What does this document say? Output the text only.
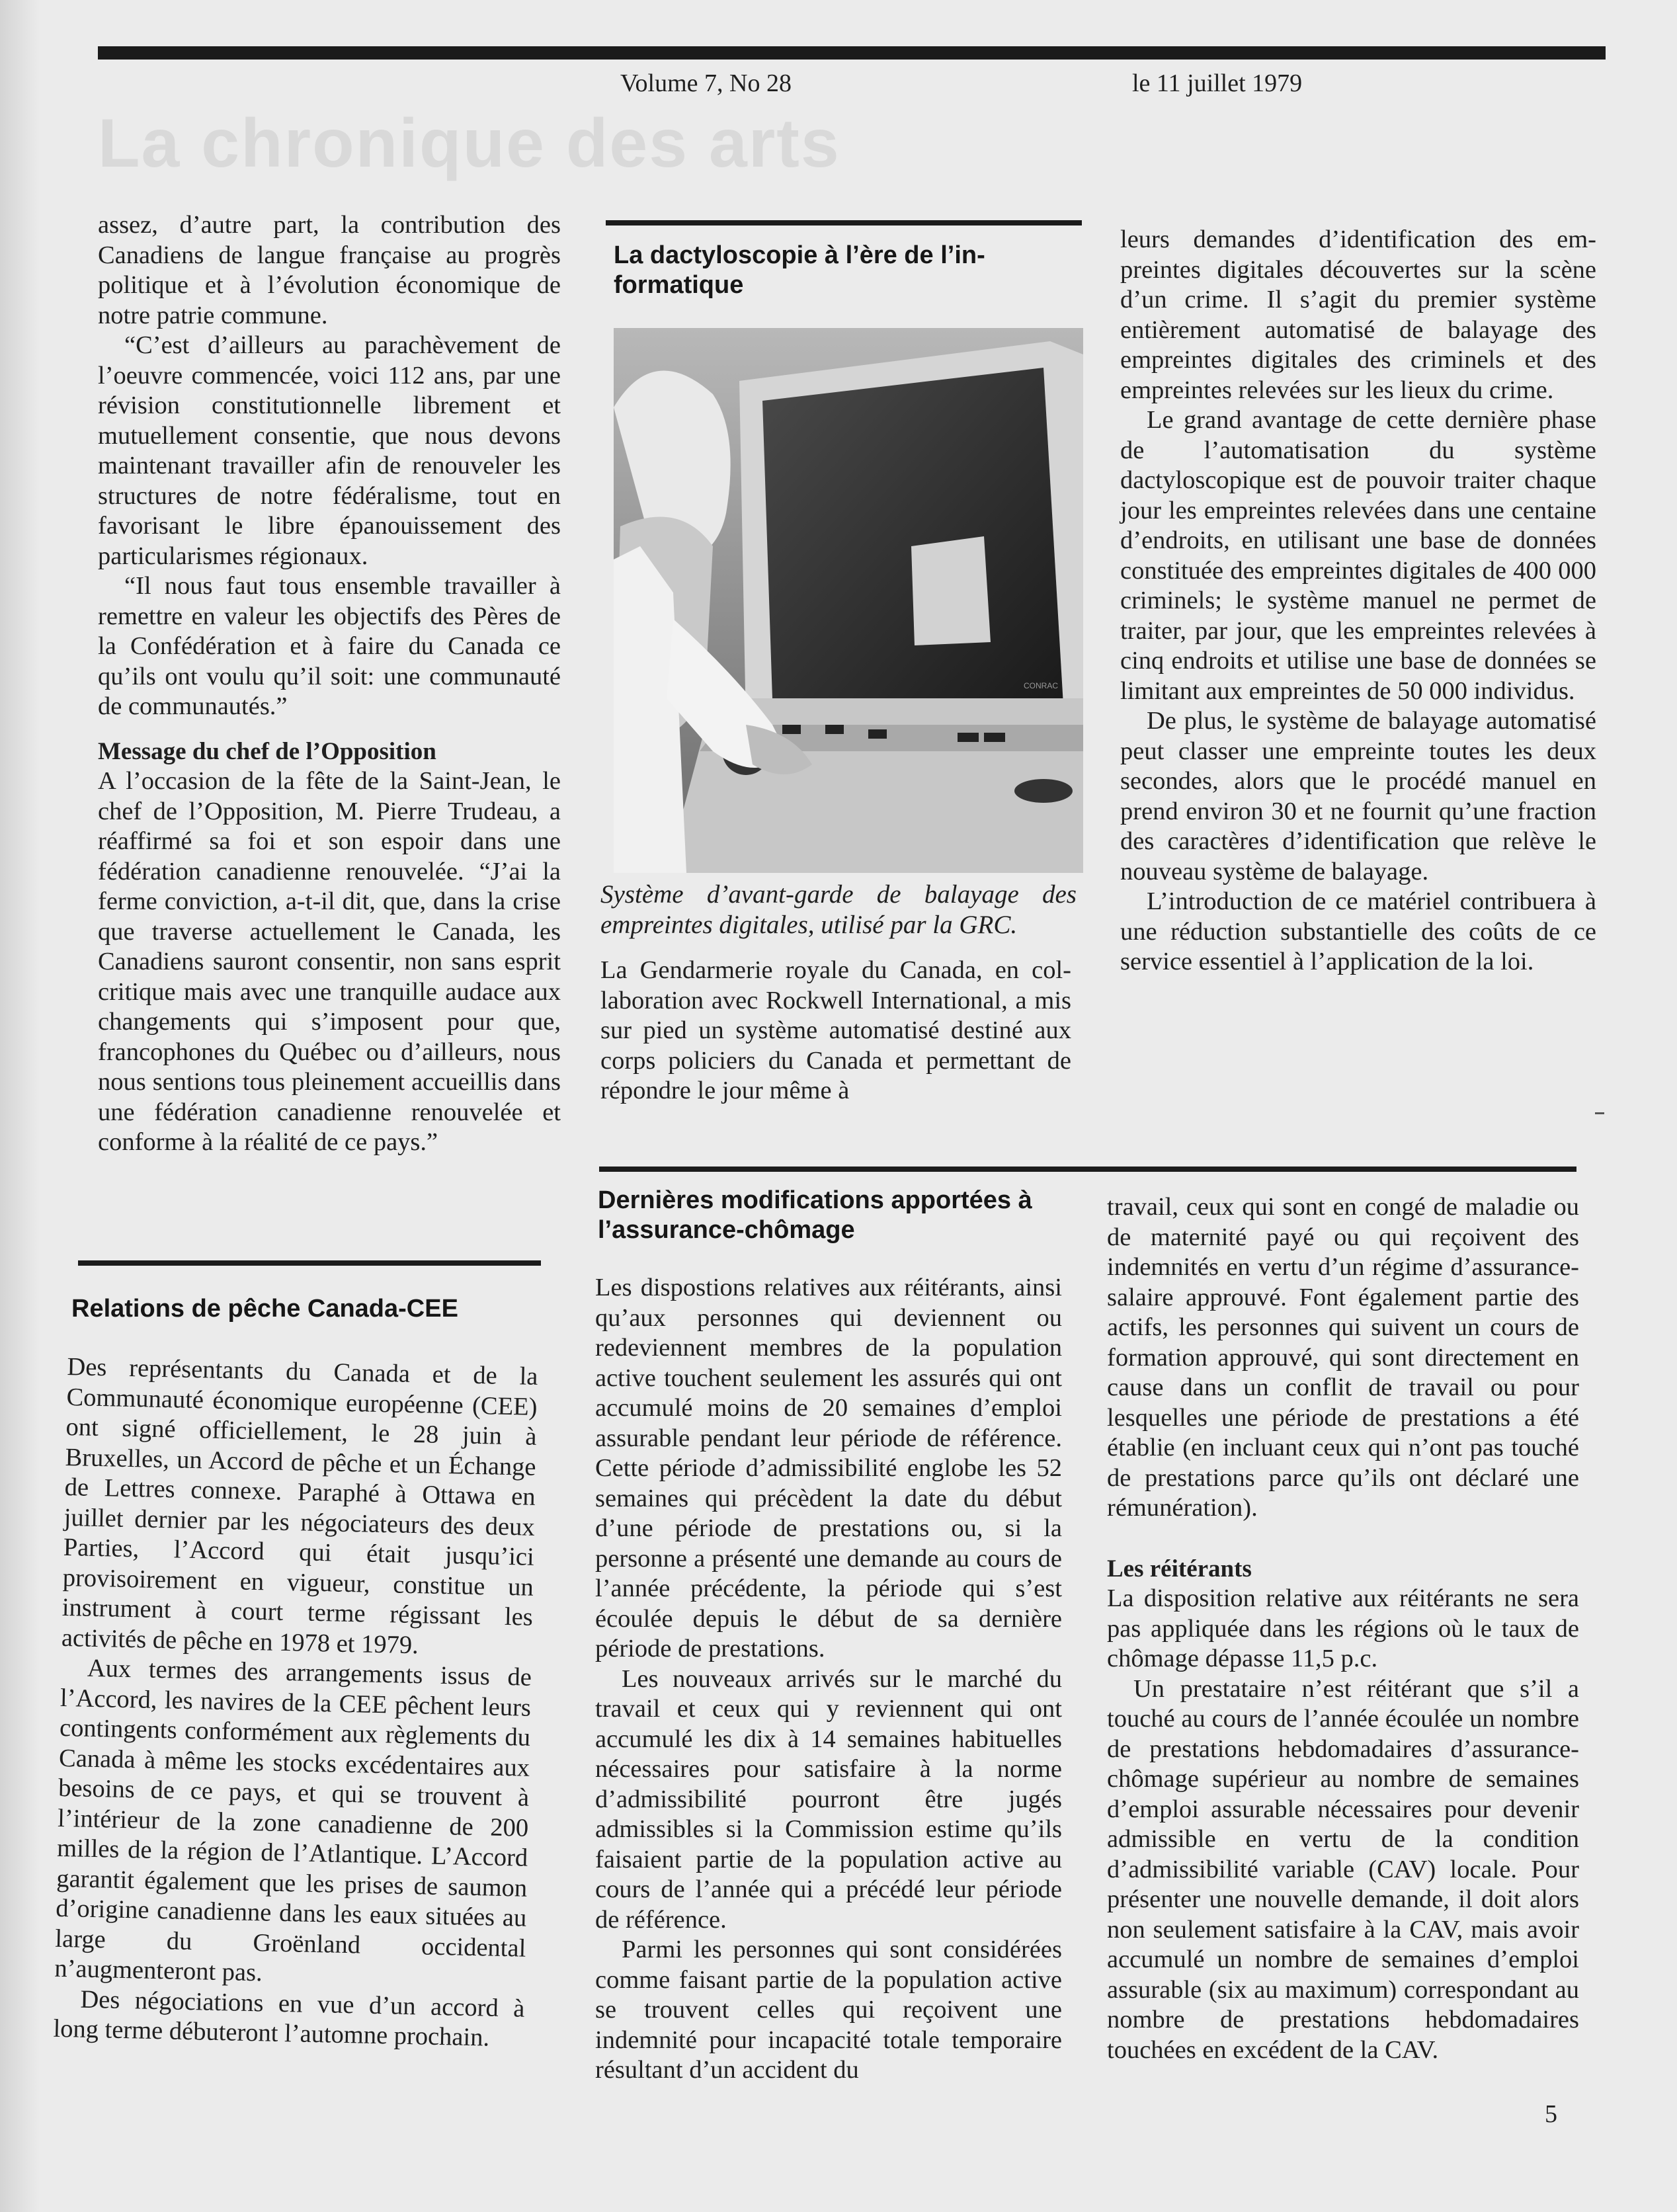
Volume 7, No 28	le 11 juillet 1979
La chronique des arts

assez, d’autre part, la contribution des Canadiens de langue française au progrès politique et à l’évolution économique de notre patrie commune.

“C’est d’ailleurs au parachèvement de l’oeuvre commencée, voici 112 ans, par une révision constitutionnelle librement et mutuellement consentie, que nous devons maintenant travailler afin de renouveler les structures de notre fédéralisme, tout en favorisant le libre épanouissement des particularismes régionaux.

“Il nous faut tous ensemble travailler à remettre en valeur les objectifs des Pères de la Confédération et à faire du Canada ce qu’ils ont voulu qu’il soit: une communauté de communautés.”

Message du chef de l’Opposition

A l’occasion de la fête de la Saint-Jean, le chef de l’Opposition, M. Pierre Trudeau, a réaffirmé sa foi et son espoir dans une fédération canadienne renouvelée. “J’ai la ferme conviction, a-t-il dit, que, dans la crise que traverse actuellement le Canada, les Canadiens sauront consentir, non sans esprit critique mais avec une tranquille audace aux changements qui s’imposent pour que, francophones du Québec ou d’ailleurs, nous nous sentions tous pleinement accueillis dans une fédération canadienne renouvelée et conforme à la réalité de ce pays.”

Relations de pêche Canada-CEE

Des représentants du Canada et de la Communauté économique européenne (CEE) ont signé officiellement, le 28 juin à Bruxelles, un Accord de pêche et un Échange de Lettres connexe. Paraphé à Ottawa en juillet dernier par les négociateurs des deux Parties, l’Accord qui était jusqu’ici provisoirement en vigueur, constitue un instrument à court terme régissant les activités de pêche en 1978 et 1979.

Aux termes des arrangements issus de l’Accord, les navires de la CEE pêchent leurs contingents conformément aux règlements du Canada à même les stocks excédentaires aux besoins de ce pays, et qui se trouvent à l’intérieur de la zone canadienne de 200 milles de la région de l’Atlantique. L’Accord garantit également que les prises de saumon d’origine canadienne dans les eaux situées au large du Groënland occidental n’augmenteront pas.

Des négociations en vue d’un accord à long terme débuteront l’automne prochain.

La dactyloscopie à l’ère de l’informatique
CONRAC
Système d’avant-garde de balayage des empreintes digitales, utilisé par la GRC.

La Gendarmerie royale du Canada, en collaboration avec Rockwell International, a mis sur pied un système automatisé destiné aux corps policiers du Canada et permettant de répondre le jour même à

leurs demandes d’identification des empreintes digitales découvertes sur la scène d’un crime. Il s’agit du premier système entièrement automatisé de balayage des empreintes digitales des criminels et des empreintes relevées sur les lieux du crime.

Le grand avantage de cette dernière phase de l’automatisation du système dactyloscopique est de pouvoir traiter chaque jour les empreintes relevées dans une centaine d’endroits, en utilisant une base de données constituée des empreintes digitales de 400 000 criminels; le système manuel ne permet de traiter, par jour, que les empreintes relevées à cinq endroits et utilise une base de données se limitant aux empreintes de 50 000 individus.

De plus, le système de balayage automatisé peut classer une empreinte toutes les deux secondes, alors que le procédé manuel en prend environ 30 et ne fournit qu’une fraction des caractères d’identification que relève le nouveau système de balayage.

L’introduction de ce matériel contribuera à une réduction substantielle des coûts de ce service essentiel à l’application de la loi.

Dernières modifications apportées à l’assurance-chômage

Les dispostions relatives aux réitérants, ainsi qu’aux personnes qui deviennent ou redeviennent membres de la population active touchent seulement les assurés qui ont accumulé moins de 20 semaines d’emploi assurable pendant leur période de référence. Cette période d’admissibilité englobe les 52 semaines qui précèdent la date du début d’une période de prestations ou, si la personne a présenté une demande au cours de l’année précédente, la période qui s’est écoulée depuis le début de sa dernière période de prestations.

Les nouveaux arrivés sur le marché du travail et ceux qui y reviennent qui ont accumulé les dix à 14 semaines habituelles nécessaires pour satisfaire à la norme d’admissibilité pourront être jugés admissibles si la Commission estime qu’ils faisaient partie de la population active au cours de l’année qui a précédé leur période de référence.

Parmi les personnes qui sont considérées comme faisant partie de la population active se trouvent celles qui reçoivent une indemnité pour incapacité totale temporaire résultant d’un accident du

travail, ceux qui sont en congé de maladie ou de maternité payé ou qui reçoivent des indemnités en vertu d’un régime d’assurance-salaire approuvé. Font également partie des actifs, les personnes qui suivent un cours de formation approuvé, qui sont directement en cause dans un conflit de travail ou pour lesquelles une période de prestations a été établie (en incluant ceux qui n’ont pas touché de prestations parce qu’ils ont déclaré une rémunération).

Les réitérants

La disposition relative aux réitérants ne sera pas appliquée dans les régions où le taux de chômage dépasse 11,5 p.c.

Un prestataire n’est réitérant que s’il a touché au cours de l’année écoulée un nombre de prestations hebdomadaires d’assurance-chômage supérieur au nombre de semaines d’emploi assurable nécessaires pour devenir admissible en vertu de la condition d’admissibilité variable (CAV) locale. Pour présenter une nouvelle demande, il doit alors non seulement satisfaire à la CAV, mais avoir accumulé un nombre de semaines d’emploi assurable (six au maximum) correspondant au nombre de prestations hebdomadaires touchées en excédent de la CAV.

5
